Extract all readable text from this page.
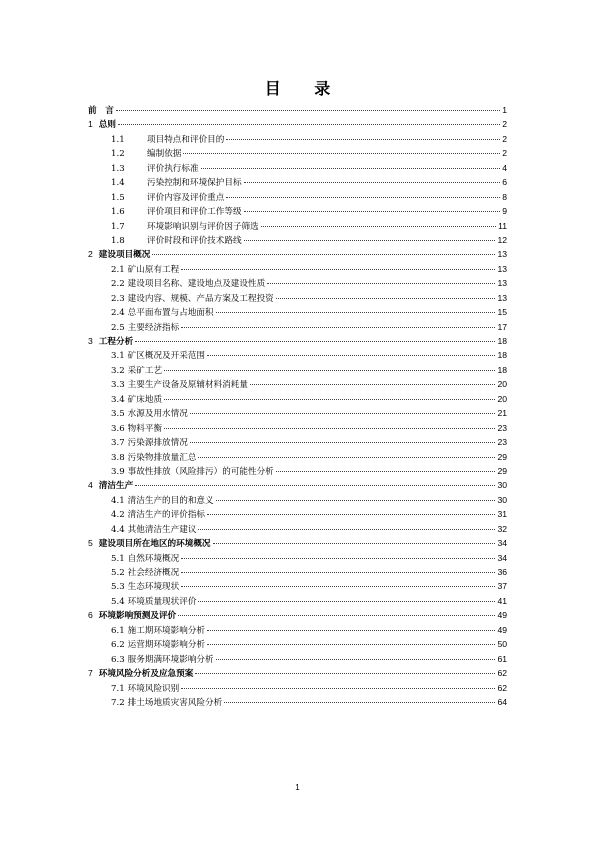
目 录
前　言	1
1 总则	2
1.1	项目特点和评价目的	2
1.2	编制依据	2
1.3	评价执行标准	4
1.4	污染控制和环境保护目标	6
1.5	评价内容及评价重点	8
1.6	评价项目和评价工作等级	9
1.7	环境影响识别与评价因子筛选	11
1.8	评价时段和评价技术路线	12
2 建设项目概况	13
2.1 矿山原有工程	13
2.2 建设项目名称、建设地点及建设性质	13
2.3 建设内容、规模、产品方案及工程投资	13
2.4 总平面布置与占地面积	15
2.5 主要经济指标	17
3 工程分析	18
3.1 矿区概况及开采范围	18
3.2 采矿工艺	18
3.3 主要生产设备及原辅材料消耗量	20
3.4 矿床地质	20
3.5 水源及用水情况	21
3.6 物料平衡	23
3.7 污染源排放情况	23
3.8 污染物排放量汇总	29
3.9 事故性排放（风险排污）的可能性分析	29
4 清洁生产	30
4.1 清洁生产的目的和意义	30
4.2 清洁生产的评价指标	31
4.4 其他清洁生产建议	32
5 建设项目所在地区的环境概况	34
5.1 自然环境概况	34
5.2 社会经济概况	36
5.3 生态环境现状	37
5.4 环境质量现状评价	41
6 环境影响预测及评价	49
6.1 施工期环境影响分析	49
6.2 运营期环境影响分析	50
6.3 服务期满环境影响分析	61
7 环境风险分析及应急预案	62
7.1 环境风险识别	62
7.2 排土场地质灾害风险分析	64
1
